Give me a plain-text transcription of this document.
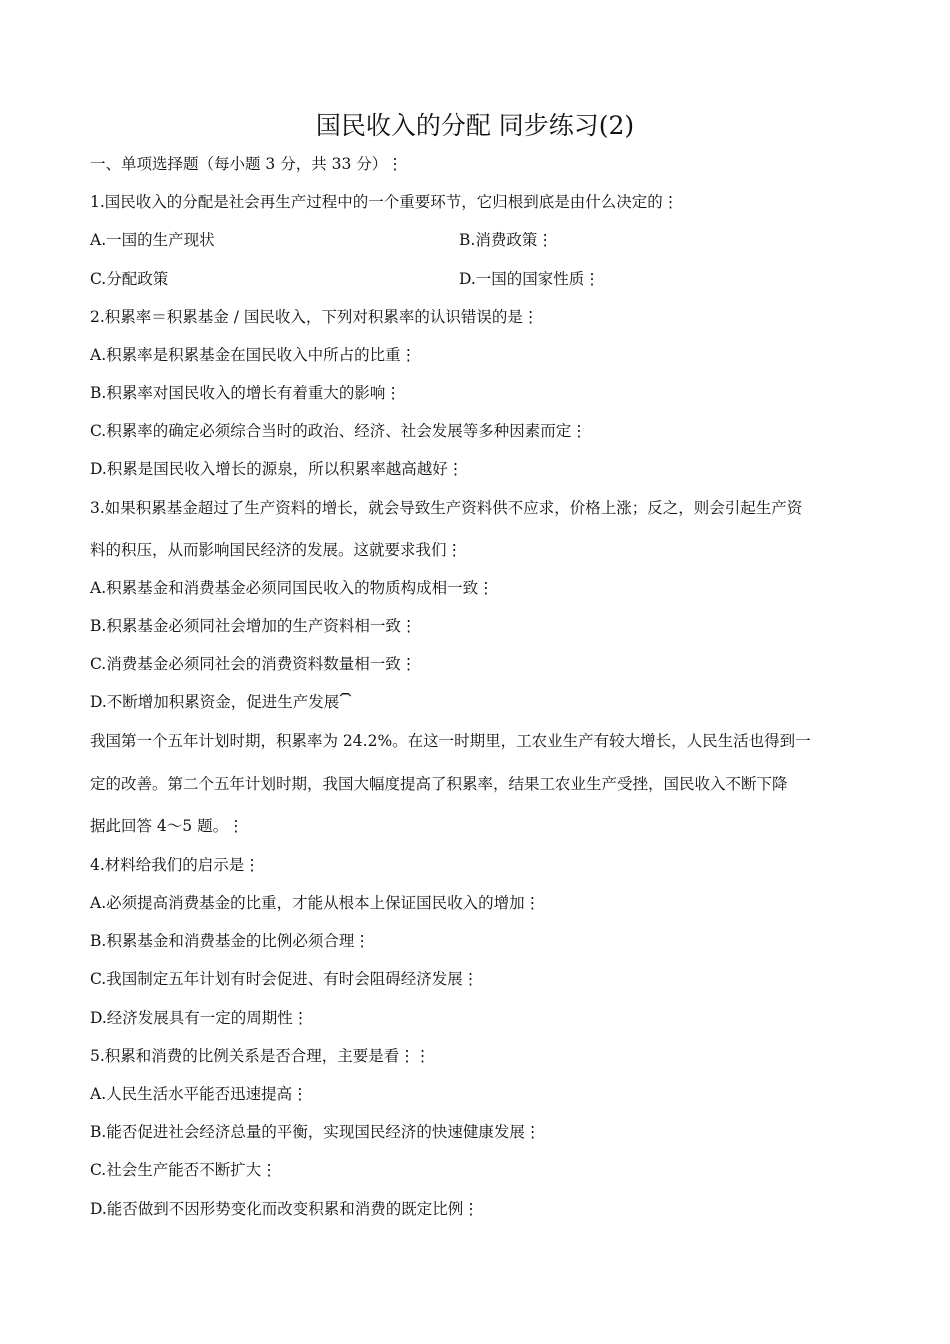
国民收入的分配 同步练习(2)
一、单项选择题（每小题 3 分，共 33 分）⋮
1.国民收入的分配是社会再生产过程中的一个重要环节，它归根到底是由什么决定的⋮
A.一国的生产现状	B.消费政策⋮
C.分配政策	D.一国的国家性质⋮
2.积累率＝积累基金 / 国民收入，下列对积累率的认识错误的是⋮
A.积累率是积累基金在国民收入中所占的比重⋮
B.积累率对国民收入的增长有着重大的影响⋮
C.积累率的确定必须综合当时的政治、经济、社会发展等多种因素而定⋮
D.积累是国民收入增长的源泉，所以积累率越高越好⋮
3.如果积累基金超过了生产资料的增长，就会导致生产资料供不应求，价格上涨；反之，则会引起生产资
料的积压，从而影响国民经济的发展。这就要求我们⋮
A.积累基金和消费基金必须同国民收入的物质构成相一致⋮
B.积累基金必须同社会增加的生产资料相一致⋮
C.消费基金必须同社会的消费资料数量相一致⋮
D.不断增加积累资金，促进生产发展⏠
我国第一个五年计划时期，积累率为 24.2%。在这一时期里，工农业生产有较大增长，人民生活也得到一
定的改善。第二个五年计划时期，我国大幅度提高了积累率，结果工农业生产受挫，国民收入不断下降
据此回答 4～5 题。⋮
4.材料给我们的启示是⋮
A.必须提高消费基金的比重，才能从根本上保证国民收入的增加⋮
B.积累基金和消费基金的比例必须合理⋮
C.我国制定五年计划有时会促进、有时会阻碍经济发展⋮
D.经济发展具有一定的周期性⋮
5.积累和消费的比例关系是否合理，主要是看⋮⋮
A.人民生活水平能否迅速提高⋮
B.能否促进社会经济总量的平衡，实现国民经济的快速健康发展⋮
C.社会生产能否不断扩大⋮
D.能否做到不因形势变化而改变积累和消费的既定比例⋮
